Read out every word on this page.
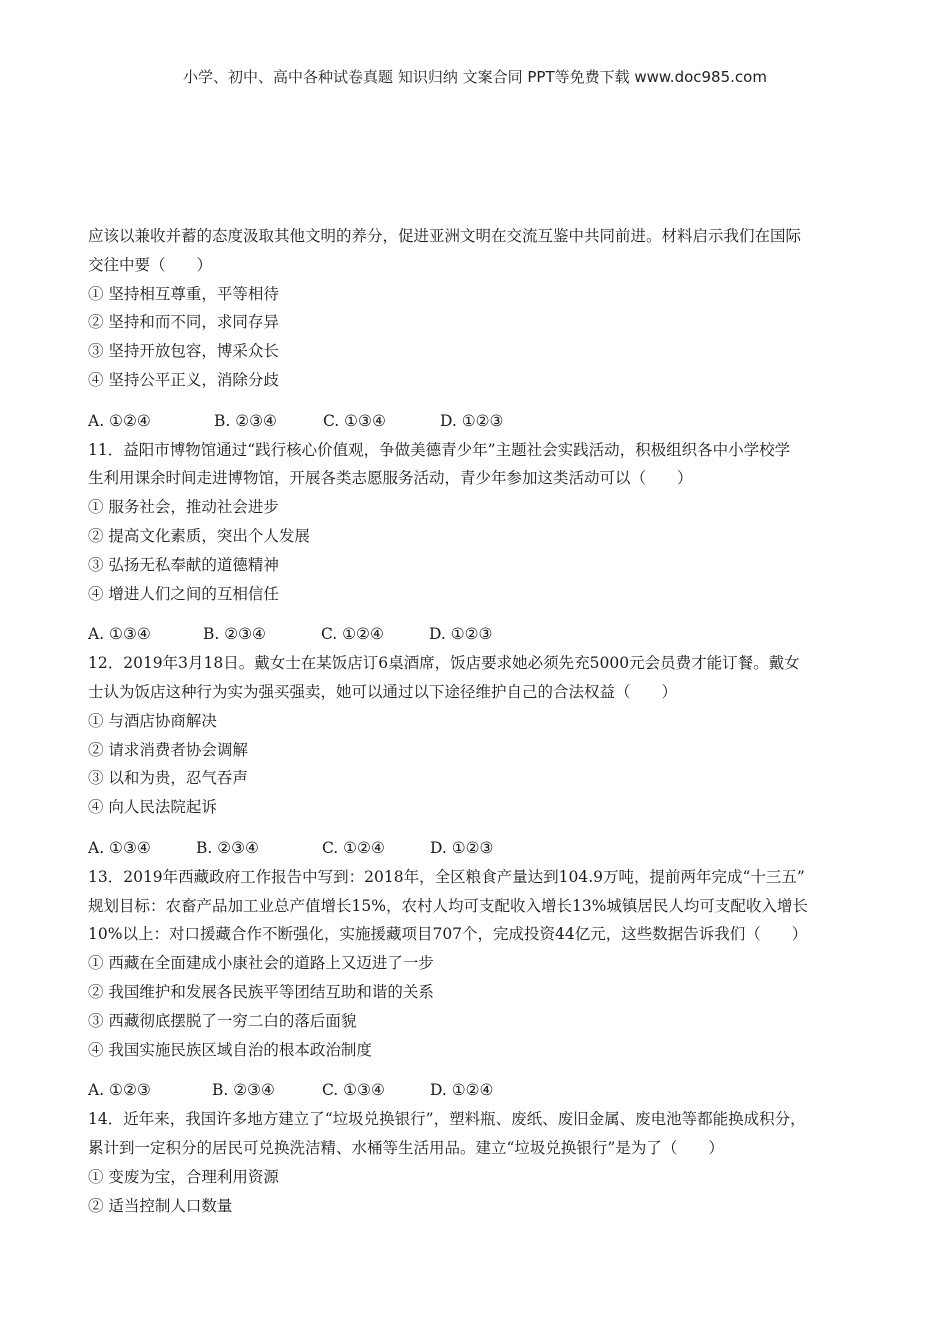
小学、初中、高中各种试卷真题 知识归纳 文案合同 PPT等免费下载 www.doc985.com
应该以兼收并蓄的态度汲取其他文明的养分，促进亚洲文明在交流互鉴中共同前进。材料启示我们在国际
交往中要（　　）
① 坚持相互尊重，平等相待
② 坚持和而不同，求同存异
③ 坚持开放包容，博采众长
④ 坚持公平正义，消除分歧
A. ①②④	B. ②③④	C. ①③④	D. ①②③
11．益阳市博物馆通过“践行核心价值观，争做美德青少年”主题社会实践活动，积极组织各中小学校学
生利用课余时间走进博物馆，开展各类志愿服务活动，青少年参加这类活动可以（　　）
① 服务社会，推动社会进步
② 提高文化素质，突出个人发展
③ 弘扬无私奉献的道德精神
④ 增进人们之间的互相信任
A. ①③④	B. ②③④	C. ①②④	D. ①②③
12．2019年3月18日。戴女士在某饭店订6桌酒席，饭店要求她必须先充5000元会员费才能订餐。戴女
士认为饭店这种行为实为强买强卖，她可以通过以下途径维护自己的合法权益（　　）
① 与酒店协商解决
② 请求消费者协会调解
③ 以和为贵，忍气吞声
④ 向人民法院起诉
A. ①③④	B. ②③④	C. ①②④	D. ①②③
13．2019年西藏政府工作报告中写到：2018年，全区粮食产量达到104.9万吨，提前两年完成“十三五”
规划目标：农畜产品加工业总产值增长15%，农村人均可支配收入增长13%城镇居民人均可支配收入增长
10%以上：对口援藏合作不断强化，实施援藏项目707个，完成投资44亿元，这些数据告诉我们（　　）
① 西藏在全面建成小康社会的道路上又迈进了一步
② 我国维护和发展各民族平等团结互助和谐的关系
③ 西藏彻底摆脱了一穷二白的落后面貌
④ 我国实施民族区域自治的根本政治制度
A. ①②③	B. ②③④	C. ①③④	D. ①②④
14．近年来，我国许多地方建立了“垃圾兑换银行”，塑料瓶、废纸、废旧金属、废电池等都能换成积分，
累计到一定积分的居民可兑换洗洁精、水桶等生活用品。建立“垃圾兑换银行”是为了（　　）
① 变废为宝，合理利用资源
② 适当控制人口数量
